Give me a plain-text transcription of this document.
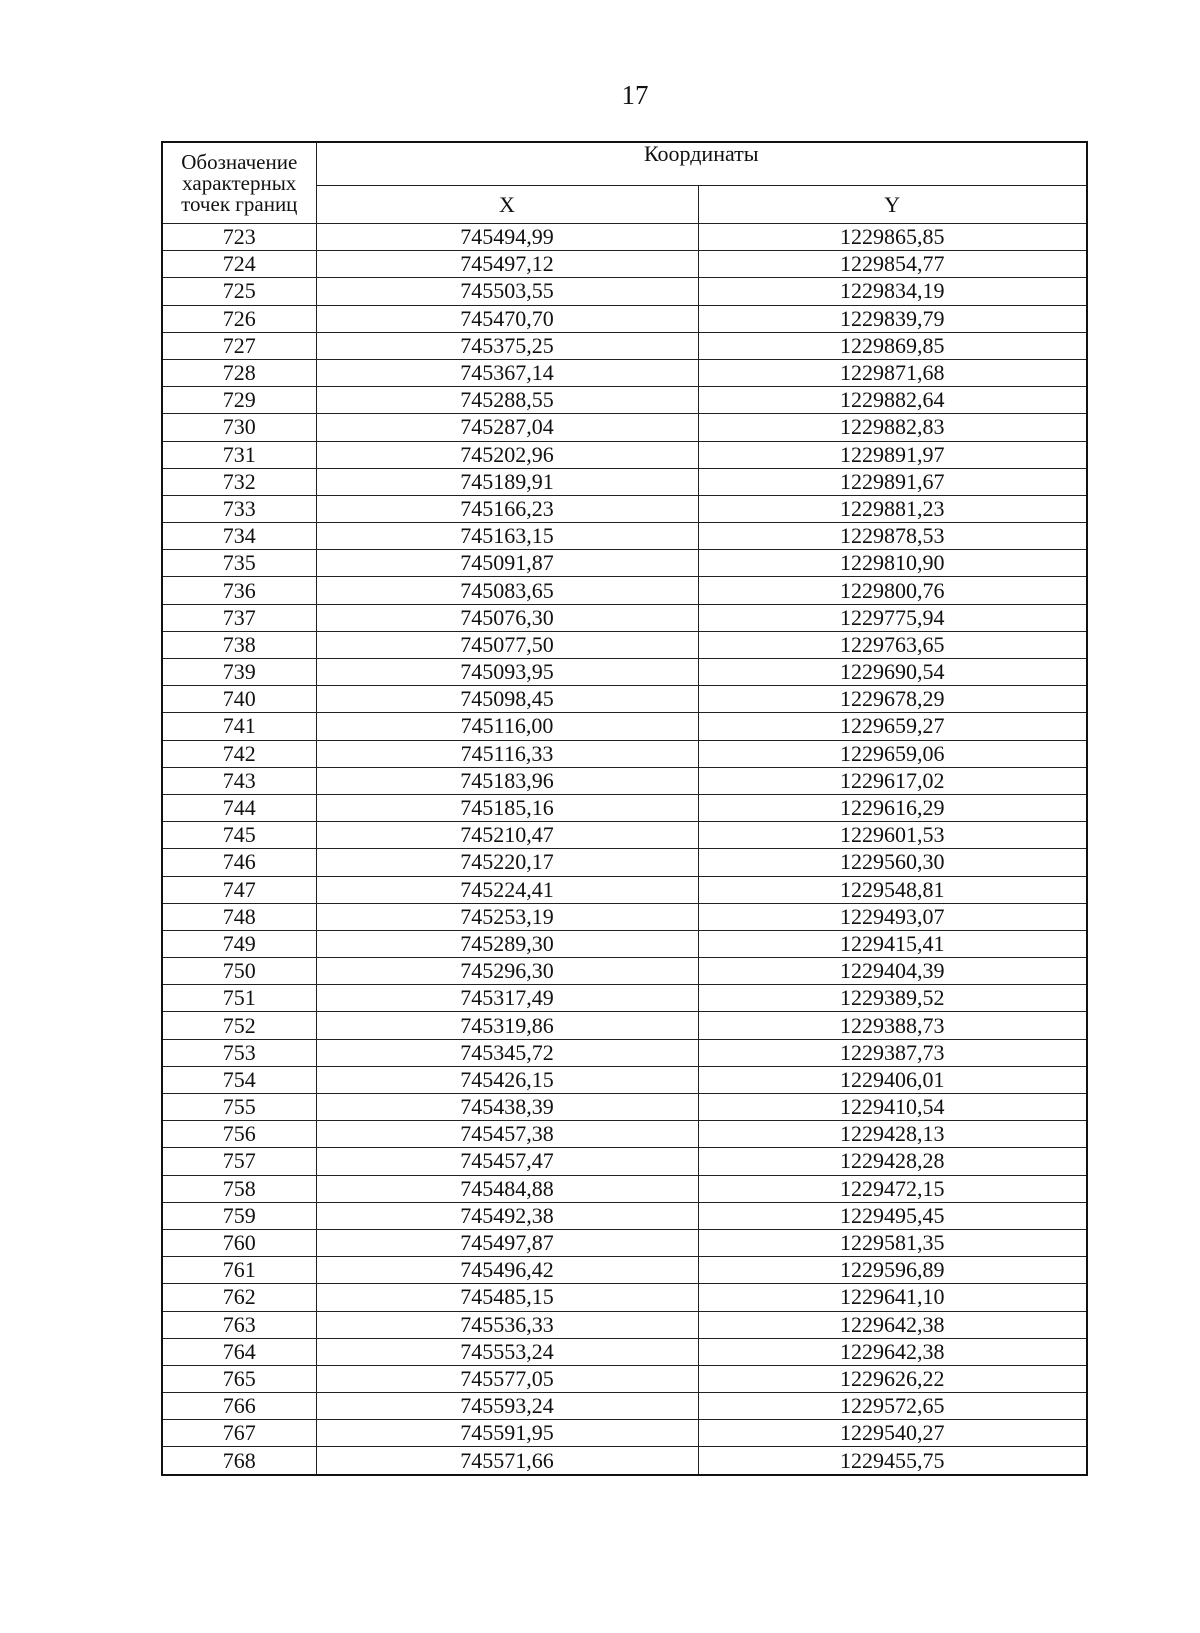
17
Обозначение характерных точек границ	Координаты	
	X	Y
723	745494,99	1229865,85
724	745497,12	1229854,77
725	745503,55	1229834,19
726	745470,70	1229839,79
727	745375,25	1229869,85
728	745367,14	1229871,68
729	745288,55	1229882,64
730	745287,04	1229882,83
731	745202,96	1229891,97
732	745189,91	1229891,67
733	745166,23	1229881,23
734	745163,15	1229878,53
735	745091,87	1229810,90
736	745083,65	1229800,76
737	745076,30	1229775,94
738	745077,50	1229763,65
739	745093,95	1229690,54
740	745098,45	1229678,29
741	745116,00	1229659,27
742	745116,33	1229659,06
743	745183,96	1229617,02
744	745185,16	1229616,29
745	745210,47	1229601,53
746	745220,17	1229560,30
747	745224,41	1229548,81
748	745253,19	1229493,07
749	745289,30	1229415,41
750	745296,30	1229404,39
751	745317,49	1229389,52
752	745319,86	1229388,73
753	745345,72	1229387,73
754	745426,15	1229406,01
755	745438,39	1229410,54
756	745457,38	1229428,13
757	745457,47	1229428,28
758	745484,88	1229472,15
759	745492,38	1229495,45
760	745497,87	1229581,35
761	745496,42	1229596,89
762	745485,15	1229641,10
763	745536,33	1229642,38
764	745553,24	1229642,38
765	745577,05	1229626,22
766	745593,24	1229572,65
767	745591,95	1229540,27
768	745571,66	1229455,75
